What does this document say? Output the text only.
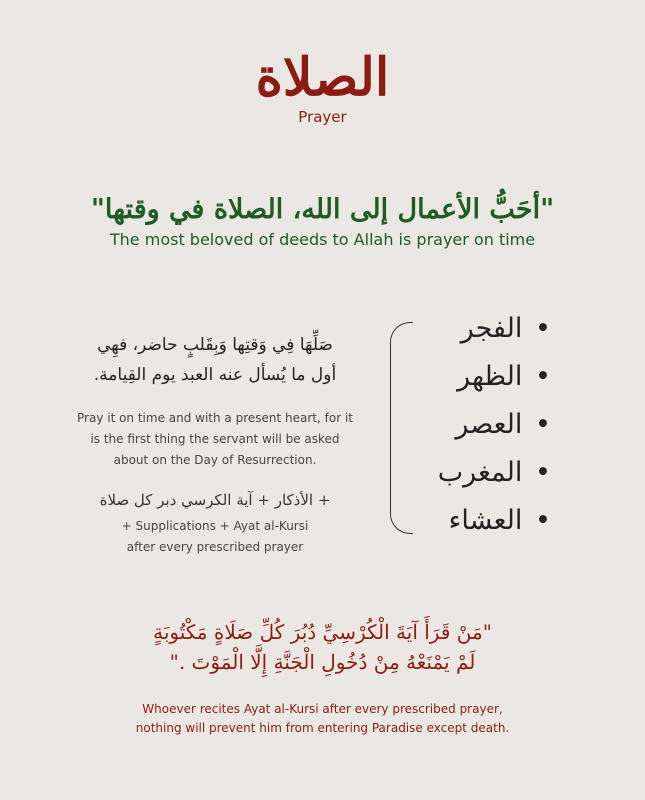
الصلاة
Prayer
"أحَبُّ الأعمال إلى الله، الصلاة في وقتها"
The most beloved of deeds to Allah is prayer on time
صَلِّهَا فِي وَقتِها وَبِقَلبٍ حاضر، فهِي
أول ما يُسأل عنه العبد يوم القِيامة.
Pray it on time and with a present heart, for it
is the first thing the servant will be asked
about on the Day of Resurrection.
+ الأذكار + آية الكرسي دبر كل صلاة
+ Supplications + Ayat al-Kursi
after every prescribed prayer
• الفجر
• الظهر
• العصر
• المغرب
• العشاء
"مَنْ قَرَأَ آيَةَ الْكُرْسِيِّ دُبُرَ كُلِّ صَلَاةٍ مَكْتُوبَةٍ
لَمْ يَمْنَعْهُ مِنْ دُخُولِ الْجَنَّةِ إِلَّا الْمَوْتَ ."
Whoever recites Ayat al-Kursi after every prescribed prayer,
nothing will prevent him from entering Paradise except death.
